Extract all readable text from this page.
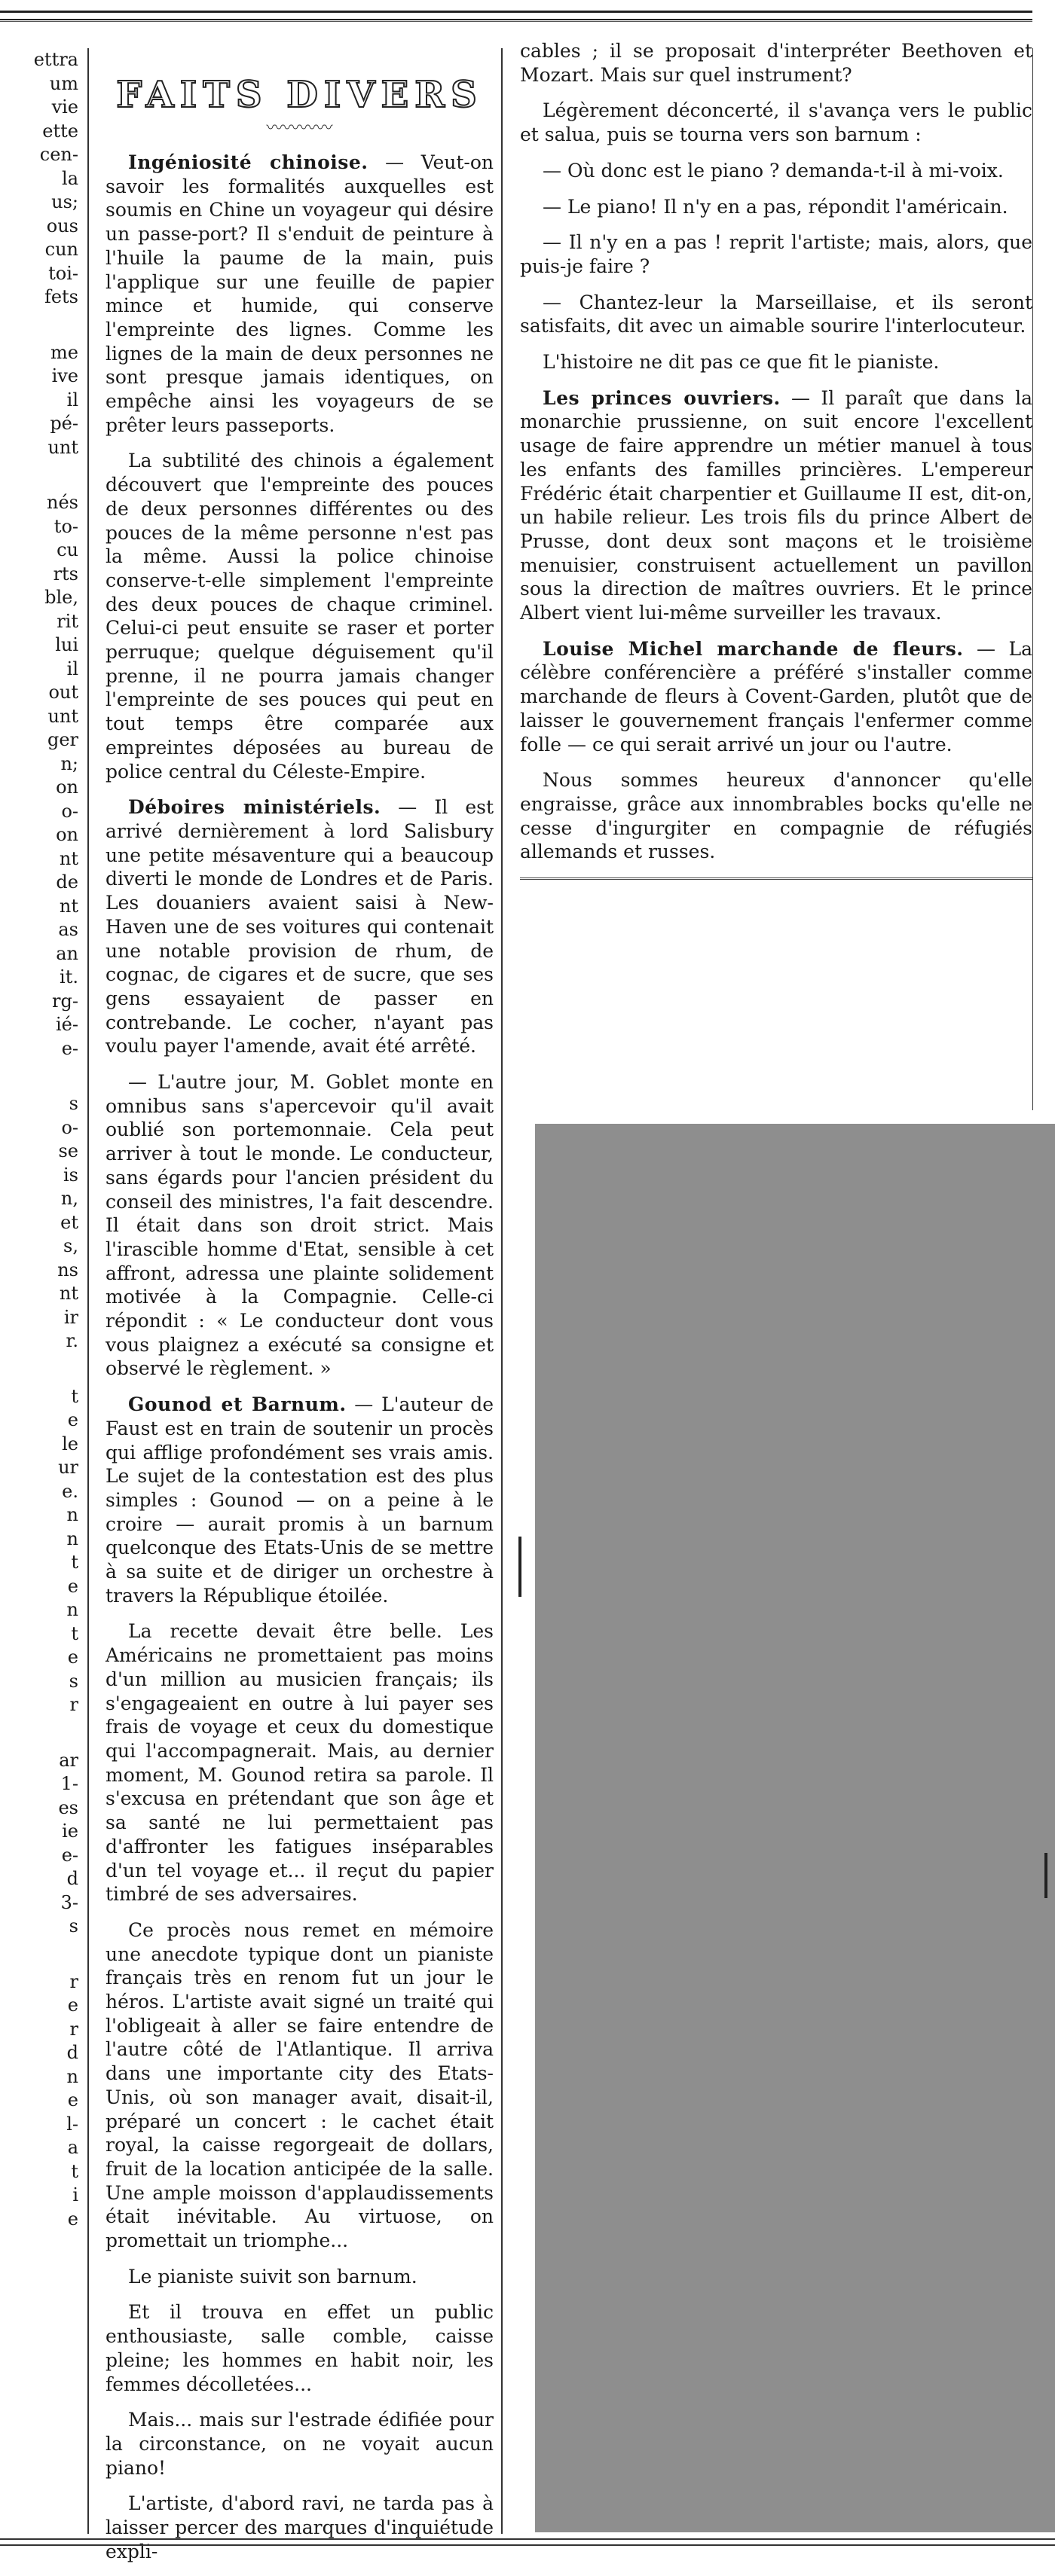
ettra
um
vie
ette
cen-
la
us;
ous
cun
toi-
fets
me
ive
il
pé-
unt
nés
to-
cu
rts
ble,
rit
lui
il
out
unt
ger
n;
on
o-
on
nt
de
nt
as
an
it.
rg-
ié-
e-
s
o-
se
is
n,
et
s,
ns
nt
ir
r.
t
e
le
ur
e.
n
n
t
e
n
t
e
s
r
ar
1-
es
ie
e-
d
3-
s
r
e
r
d
n
e
l-
a
t
i
e
FAITS DIVERS
〰〰〰〰

Ingéniosité chinoise. — Veut-on savoir les formalités auxquelles est soumis en Chine un voyageur qui désire un passe-port? Il s'enduit de peinture à l'huile la paume de la main, puis l'applique sur une feuille de papier mince et humide, qui conserve l'empreinte des lignes. Comme les lignes de la main de deux personnes ne sont presque jamais identiques, on empêche ainsi les voyageurs de se prêter leurs passeports.

La subtilité des chinois a également découvert que l'empreinte des pouces de deux personnes différentes ou des pouces de la même personne n'est pas la même. Aussi la police chinoise conserve-t-elle simplement l'empreinte des deux pouces de chaque criminel. Celui-ci peut ensuite se raser et porter perruque; quelque déguisement qu'il prenne, il ne pourra jamais changer l'empreinte de ses pouces qui peut en tout temps être comparée aux empreintes déposées au bureau de police central du Céleste-Empire.

Déboires ministériels. — Il est arrivé dernièrement à lord Salisbury une petite mésaventure qui a beaucoup diverti le monde de Londres et de Paris. Les douaniers avaient saisi à New-Haven une de ses voitures qui contenait une notable provision de rhum, de cognac, de cigares et de sucre, que ses gens essayaient de passer en contrebande. Le cocher, n'ayant pas voulu payer l'amende, avait été arrêté.

— L'autre jour, M. Goblet monte en omnibus sans s'apercevoir qu'il avait oublié son portemonnaie. Cela peut arriver à tout le monde. Le conducteur, sans égards pour l'ancien président du conseil des ministres, l'a fait descendre. Il était dans son droit strict. Mais l'irascible homme d'Etat, sensible à cet affront, adressa une plainte solidement motivée à la Compagnie. Celle-ci répondit : « Le conducteur dont vous vous plaignez a exécuté sa consigne et observé le règlement. »

Gounod et Barnum. — L'auteur de Faust est en train de soutenir un procès qui afflige profondément ses vrais amis. Le sujet de la contestation est des plus simples : Gounod — on a peine à le croire — aurait promis à un barnum quelconque des Etats-Unis de se mettre à sa suite et de diriger un orchestre à travers la République étoilée.

La recette devait être belle. Les Américains ne promettaient pas moins d'un million au musicien français; ils s'engageaient en outre à lui payer ses frais de voyage et ceux du domestique qui l'accompagnerait. Mais, au dernier moment, M. Gounod retira sa parole. Il s'excusa en prétendant que son âge et sa santé ne lui permettaient pas d'affronter les fatigues inséparables d'un tel voyage et... il reçut du papier timbré de ses adversaires.

Ce procès nous remet en mémoire une anecdote typique dont un pianiste français très en renom fut un jour le héros. L'artiste avait signé un traité qui l'obligeait à aller se faire entendre de l'autre côté de l'Atlantique. Il arriva dans une importante city des Etats-Unis, où son manager avait, disait-il, préparé un concert : le cachet était royal, la caisse regorgeait de dollars, fruit de la location anticipée de la salle. Une ample moisson d'applaudissements était inévitable. Au virtuose, on promettait un triomphe...

Le pianiste suivit son barnum.

Et il trouva en effet un public enthousiaste, salle comble, caisse pleine; les hommes en habit noir, les femmes décolletées...

Mais... mais sur l'estrade édifiée pour la circonstance, on ne voyait aucun piano!

L'artiste, d'abord ravi, ne tarda pas à laisser percer des marques d'inquiétude expli-

cables ; il se proposait d'interpréter Beethoven et Mozart. Mais sur quel instrument?

Légèrement déconcerté, il s'avança vers le public et salua, puis se tourna vers son barnum :

— Où donc est le piano ? demanda-t-il à mi-voix.

— Le piano! Il n'y en a pas, répondit l'américain.

— Il n'y en a pas ! reprit l'artiste; mais, alors, que puis-je faire ?

— Chantez-leur la Marseillaise, et ils seront satisfaits, dit avec un aimable sourire l'interlocuteur.

L'histoire ne dit pas ce que fit le pianiste.

Les princes ouvriers. — Il paraît que dans la monarchie prussienne, on suit encore l'excellent usage de faire apprendre un métier manuel à tous les enfants des familles princières. L'empereur Frédéric était charpentier et Guillaume II est, dit-on, un habile relieur. Les trois fils du prince Albert de Prusse, dont deux sont maçons et le troisième menuisier, construisent actuellement un pavillon sous la direction de maîtres ouvriers. Et le prince Albert vient lui-même surveiller les travaux.

Louise Michel marchande de fleurs. — La célèbre conférencière a préféré s'installer comme marchande de fleurs à Covent-Garden, plutôt que de laisser le gouvernement français l'enfermer comme folle — ce qui serait arrivé un jour ou l'autre.

Nous sommes heureux d'annoncer qu'elle engraisse, grâce aux innombrables bocks qu'elle ne cesse d'ingurgiter en compagnie de réfugiés allemands et russes.
